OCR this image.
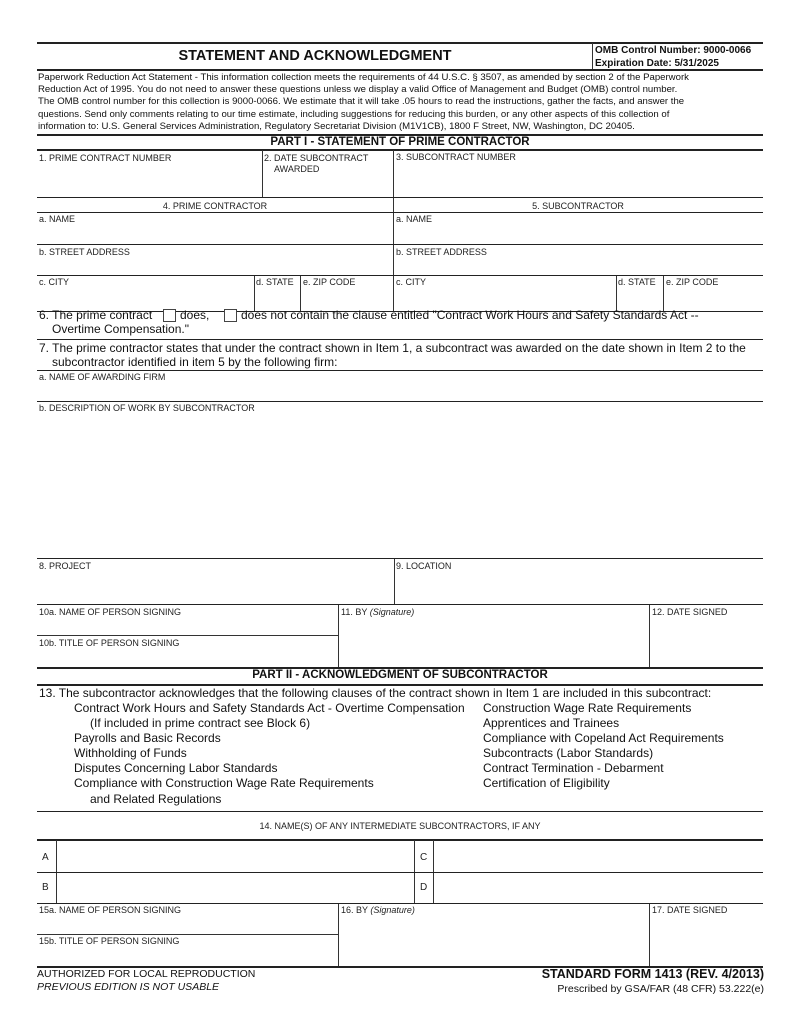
STATEMENT AND ACKNOWLEDGMENT	OMB Control Number: 9000-0066
Expiration Date: 5/31/2025
Paperwork Reduction Act Statement - This information collection meets the requirements of 44 U.S.C. § 3507, as amended by section 2 of the Paperwork
Reduction Act of 1995. You do not need to answer these questions unless we display a valid Office of Management and Budget (OMB) control number.
The OMB control number for this collection is 9000-0066. We estimate that it will take .05 hours to read the instructions, gather the facts, and answer the
questions. Send only comments relating to our time estimate, including suggestions for reducing this burden, or any other aspects of this collection of
information to: U.S. General Services Administration, Regulatory Secretariat Division (M1V1CB), 1800 F Street, NW, Washington, DC 20405.
PART I - STATEMENT OF PRIME CONTRACTOR
1. PRIME CONTRACT NUMBER	2. DATE SUBCONTRACT
AWARDED
3. SUBCONTRACT NUMBER
4. PRIME CONTRACTOR	5. SUBCONTRACTOR
a. NAME	a. NAME
b. STREET ADDRESS	b. STREET ADDRESS
c. CITY	d. STATE e. ZIP CODE	c. CITY	d. STATE e. ZIP CODE
6. The prime contract does,	does not contain the clause entitled "Contract Work Hours and Safety Standards Act --
Overtime Compensation."
7. The prime contractor states that under the contract shown in Item 1, a subcontract was awarded on the date shown in Item 2 to the
subcontractor identified in item 5 by the following firm:
a. NAME OF AWARDING FIRM
b. DESCRIPTION OF WORK BY SUBCONTRACTOR
8. PROJECT	9. LOCATION
10a. NAME OF PERSON SIGNING
10b. TITLE OF PERSON SIGNING
11. BY (Signature)	12. DATE SIGNED
PART II - ACKNOWLEDGMENT OF SUBCONTRACTOR
13. The subcontractor acknowledges that the following clauses of the contract shown in Item 1 are included in this subcontract:
Contract Work Hours and Safety Standards Act - Overtime Compensation
(If included in prime contract see Block 6)
Payrolls and Basic Records
Withholding of Funds
Disputes Concerning Labor Standards
Compliance with Construction Wage Rate Requirements
and Related Regulations
Construction Wage Rate Requirements
Apprentices and Trainees
Compliance with Copeland Act Requirements
Subcontracts (Labor Standards)
Contract Termination - Debarment
Certification of Eligibility
14. NAME(S) OF ANY INTERMEDIATE SUBCONTRACTORS, IF ANY
A	C
B	D
15a. NAME OF PERSON SIGNING
15b. TITLE OF PERSON SIGNING
16. BY (Signature)	17. DATE SIGNED
AUTHORIZED FOR LOCAL REPRODUCTION
PREVIOUS EDITION IS NOT USABLE
STANDARD FORM 1413 (REV. 4/2013)
Prescribed by GSA/FAR (48 CFR) 53.222(e)
